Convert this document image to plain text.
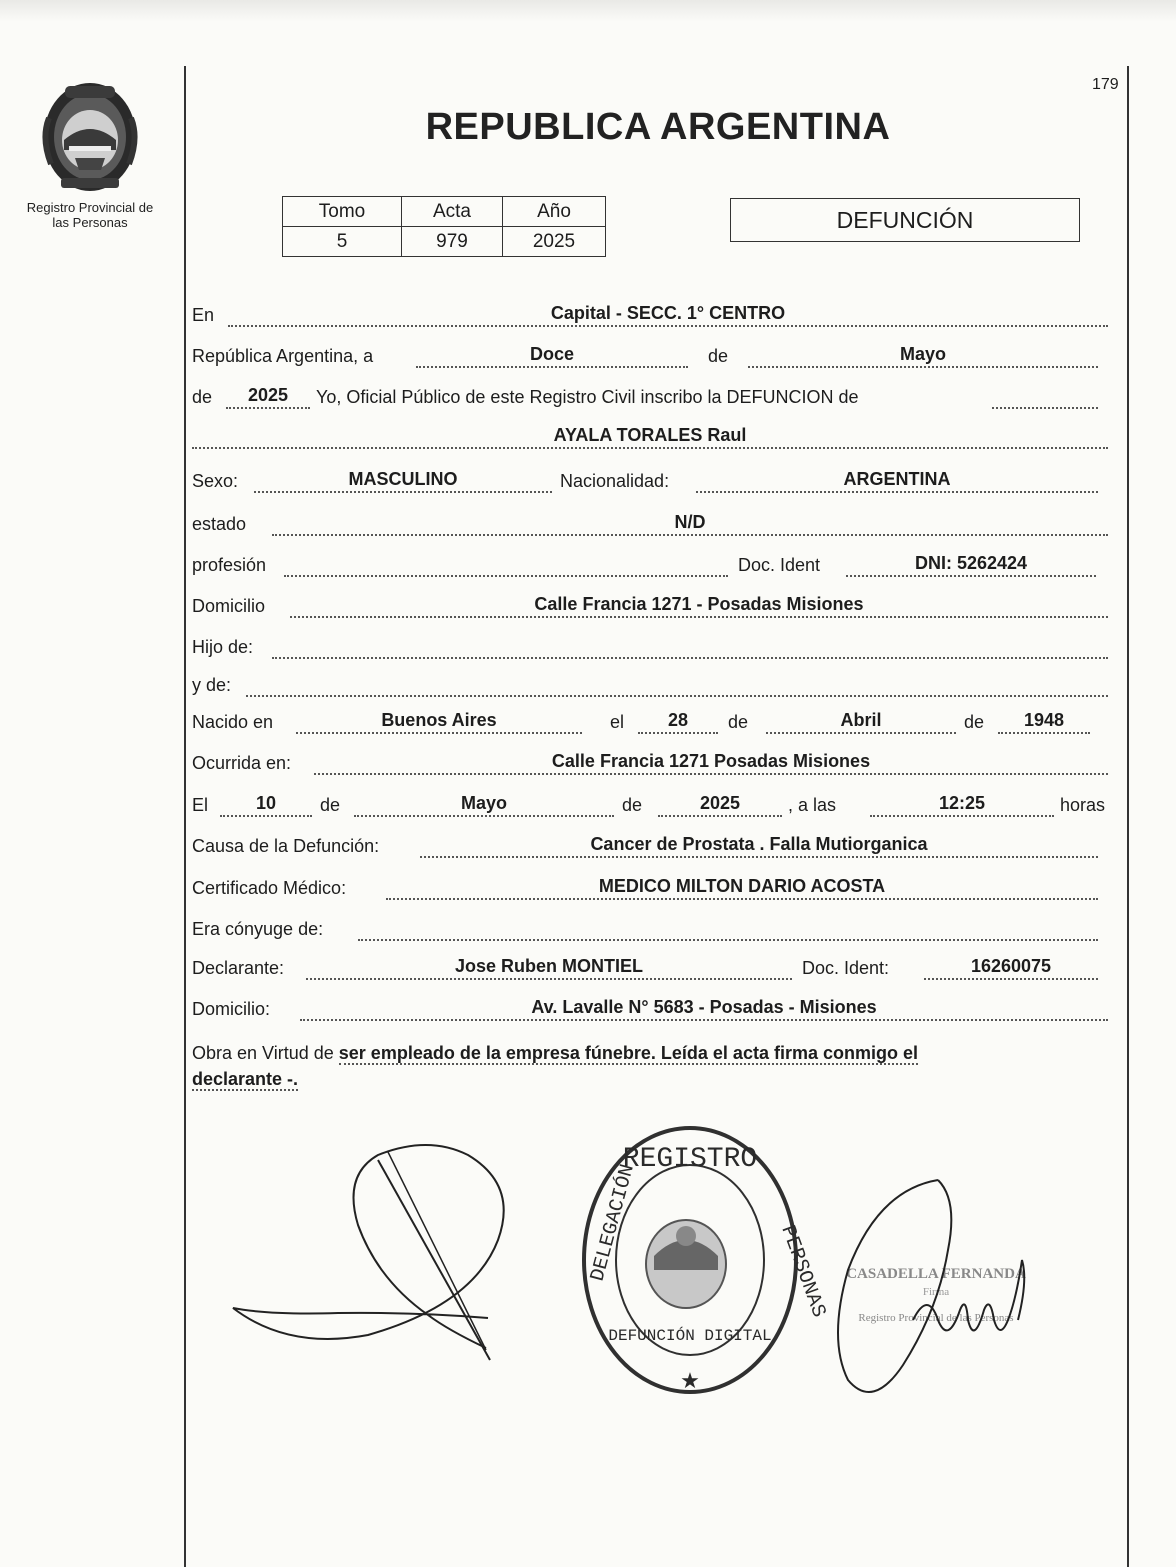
Registro Provincial de
las Personas
179
REPUBLICA ARGENTINA
Tomo	Acta	Año
5	979	2025
DEFUNCIÓN
En	Capital - SECC. 1° CENTRO
República Argentina, a	Doce	de	Mayo
de	2025	Yo, Oficial Público de este Registro Civil inscribo la DEFUNCION de
AYALA TORALES Raul
Sexo:	MASCULINO	Nacionalidad:	ARGENTINA
estado	N/D
profesión	Doc. Ident	DNI: 5262424
Domicilio	Calle Francia 1271 - Posadas Misiones
Hijo de:
y de:
Nacido en	Buenos Aires	el	28	de	Abril	de	1948
Ocurrida en:	Calle Francia 1271 Posadas Misiones
El	10	de	Mayo	de	2025	, a las	12:25	horas
Causa de la Defunción:	Cancer de Prostata . Falla Mutiorganica
Certificado Médico:	MEDICO MILTON DARIO ACOSTA
Era cónyuge de:
Declarante:	Jose Ruben MONTIEL	Doc. Ident:	16260075
Domicilio:	Av. Lavalle N° 5683 - Posadas - Misiones
Obra en Virtud de ser empleado de la empresa fúnebre. Leída el acta firma conmigo el
declarante -.
REGISTRO
DEFUNCIÓN DIGITAL
★
DELEGACIÓN	PERSONAS	CASADELLA FERNANDA
Firma
Registro Provincial de las Personas
